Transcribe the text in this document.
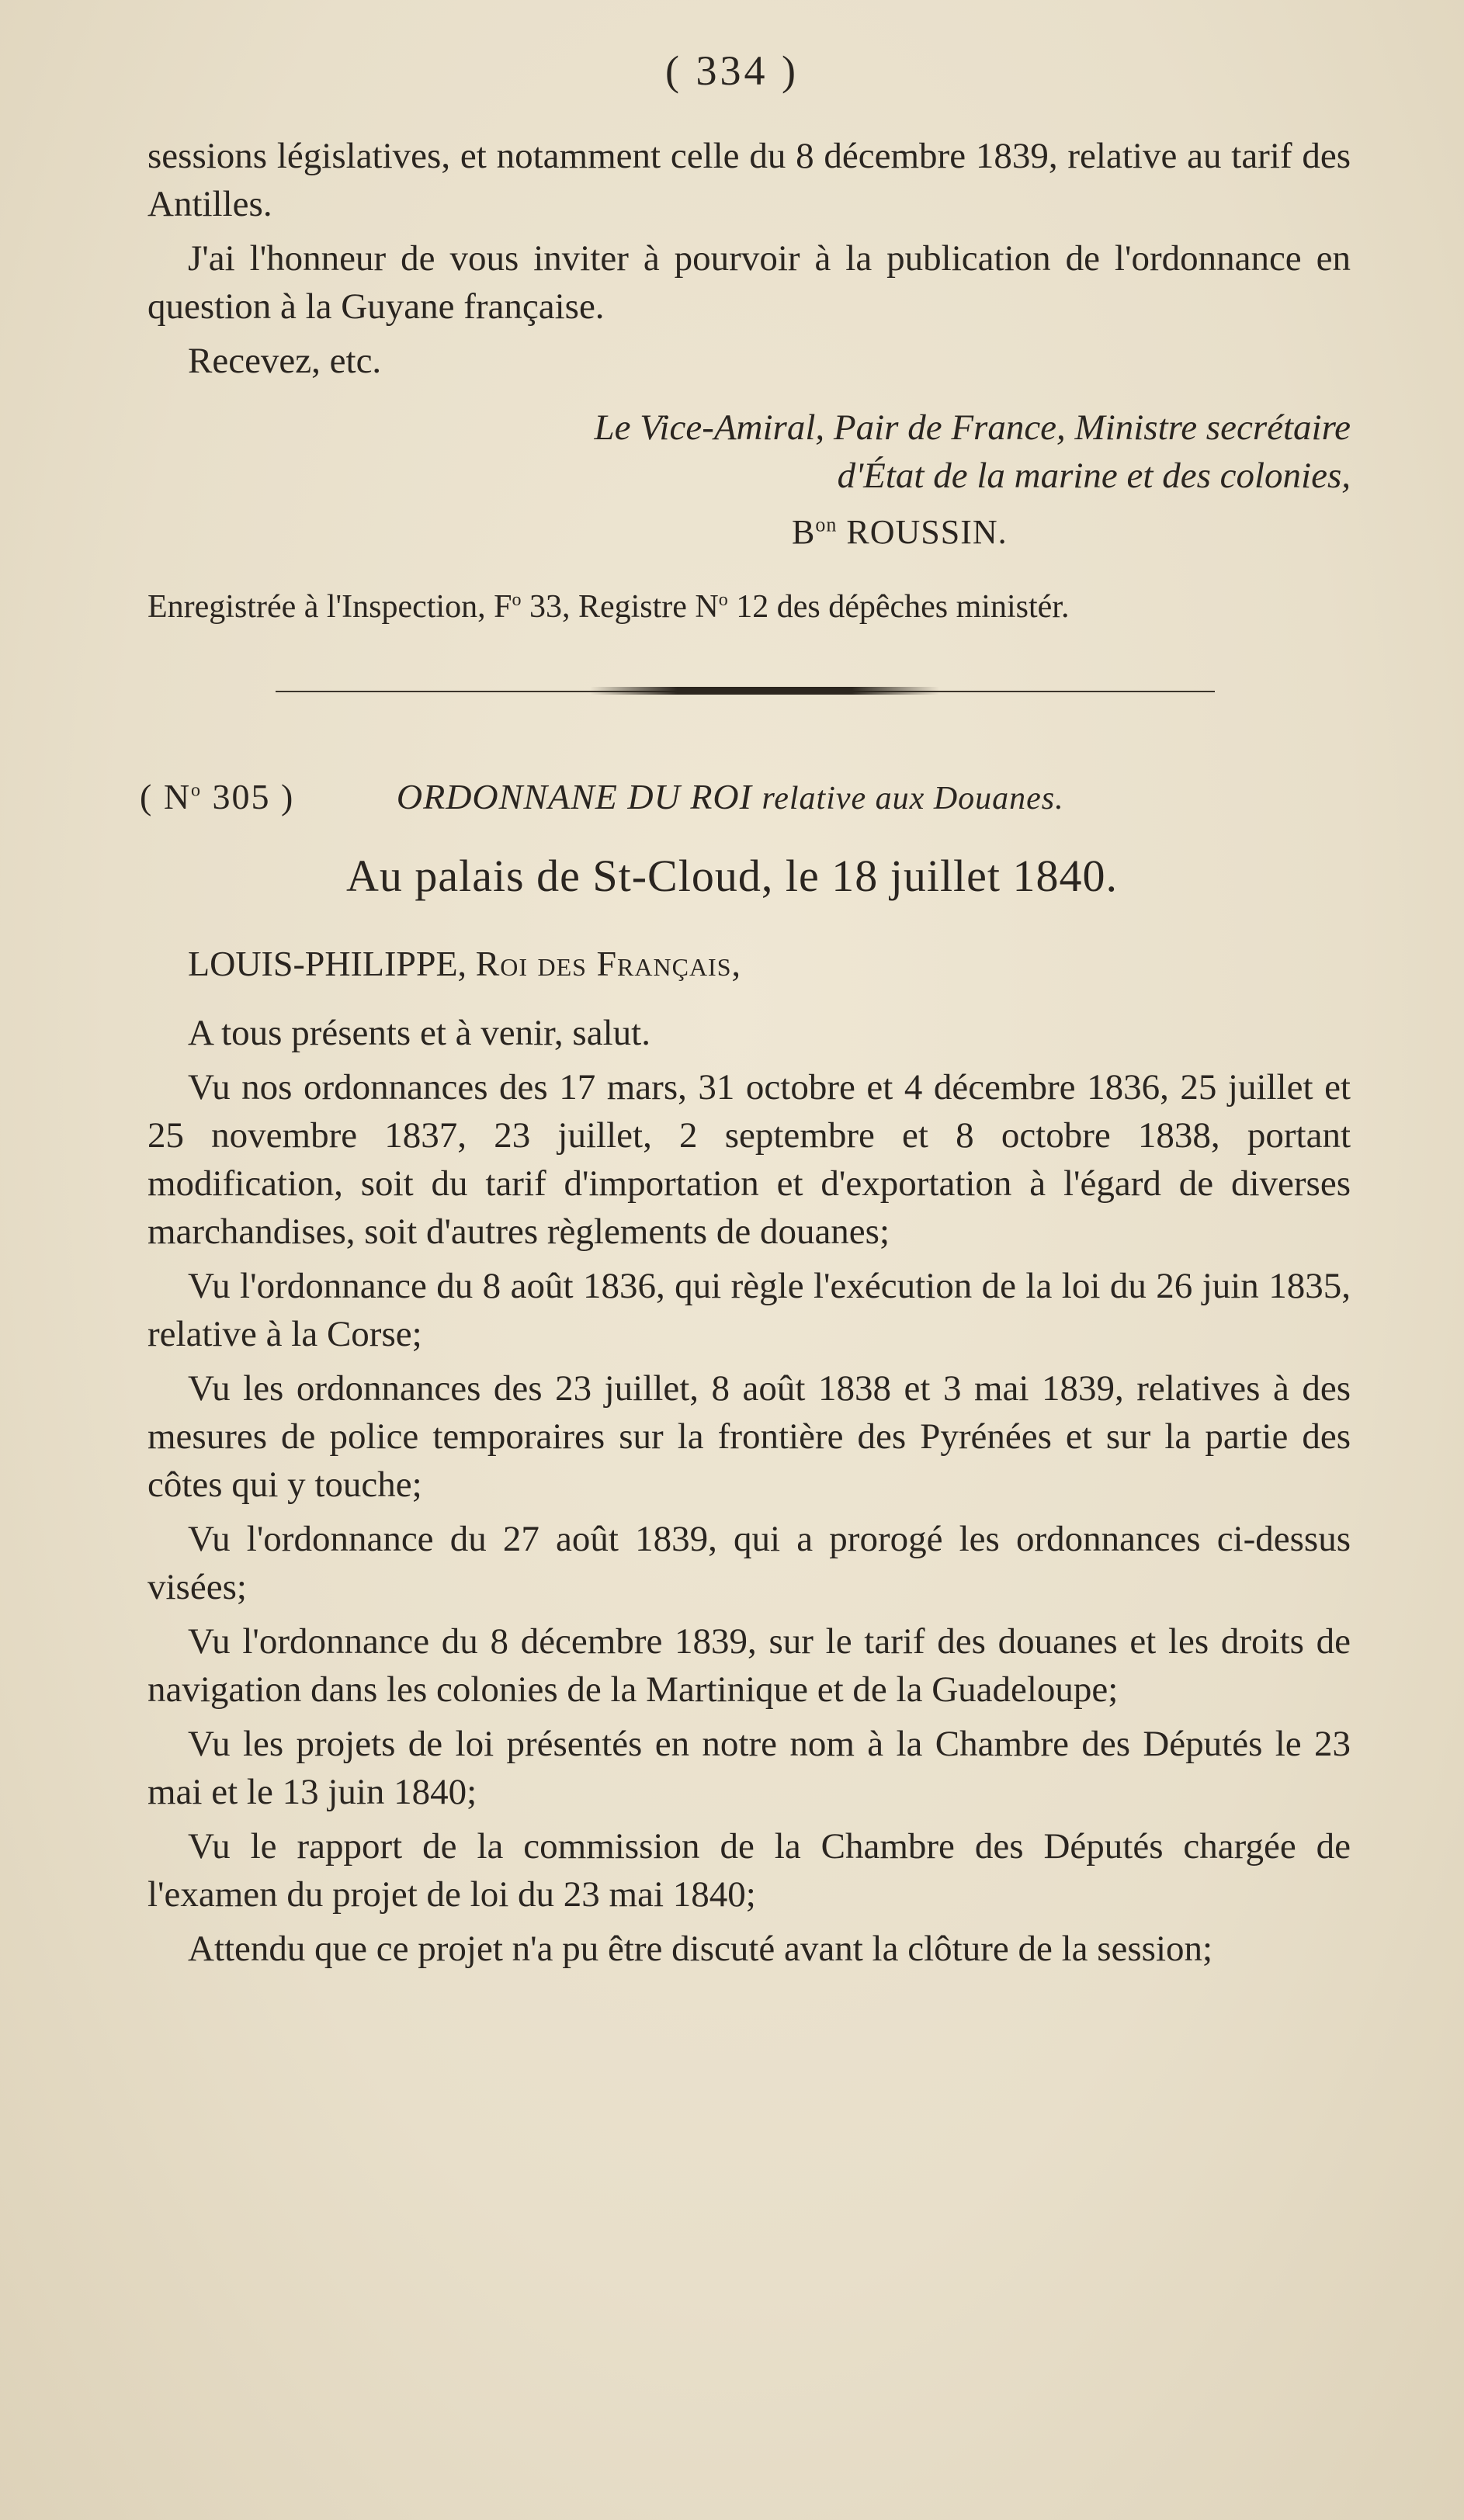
( 334 )

sessions législatives, et notamment celle du 8 décembre 1839, relative au tarif des Antilles.

J'ai l'honneur de vous inviter à pourvoir à la publication de l'ordonnance en question à la Guyane française.

Recevez, etc.

Le Vice-Amiral, Pair de France, Ministre secrétaire
d'État de la marine et des colonies,
$B^{on}$ ROUSSIN.
Enregistrée à l'Inspection, $F^o$ 33, Registre $N^o$ 12 des dépêches ministér.
( $N^o$ 305 )	ORDONNANE DU ROI relative aux Douanes.
Au palais de St-Cloud, le 18 juillet 1840.
LOUIS-PHILIPPE, Roi des Français,

A tous présents et à venir, salut.

Vu nos ordonnances des 17 mars, 31 octobre et 4 décembre 1836, 25 juillet et 25 novembre 1837, 23 juillet, 2 septembre et 8 octobre 1838, portant modification, soit du tarif d'importation et d'exportation à l'égard de diverses marchandises, soit d'autres règlements de douanes;

Vu l'ordonnance du 8 août 1836, qui règle l'exécution de la loi du 26 juin 1835, relative à la Corse;

Vu les ordonnances des 23 juillet, 8 août 1838 et 3 mai 1839, relatives à des mesures de police temporaires sur la frontière des Pyrénées et sur la partie des côtes qui y touche;

Vu l'ordonnance du 27 août 1839, qui a prorogé les ordonnances ci-dessus visées;

Vu l'ordonnance du 8 décembre 1839, sur le tarif des douanes et les droits de navigation dans les colonies de la Martinique et de la Guadeloupe;

Vu les projets de loi présentés en notre nom à la Chambre des Députés le 23 mai et le 13 juin 1840;

Vu le rapport de la commission de la Chambre des Députés chargée de l'examen du projet de loi du 23 mai 1840;

Attendu que ce projet n'a pu être discuté avant la clôture de la session;
